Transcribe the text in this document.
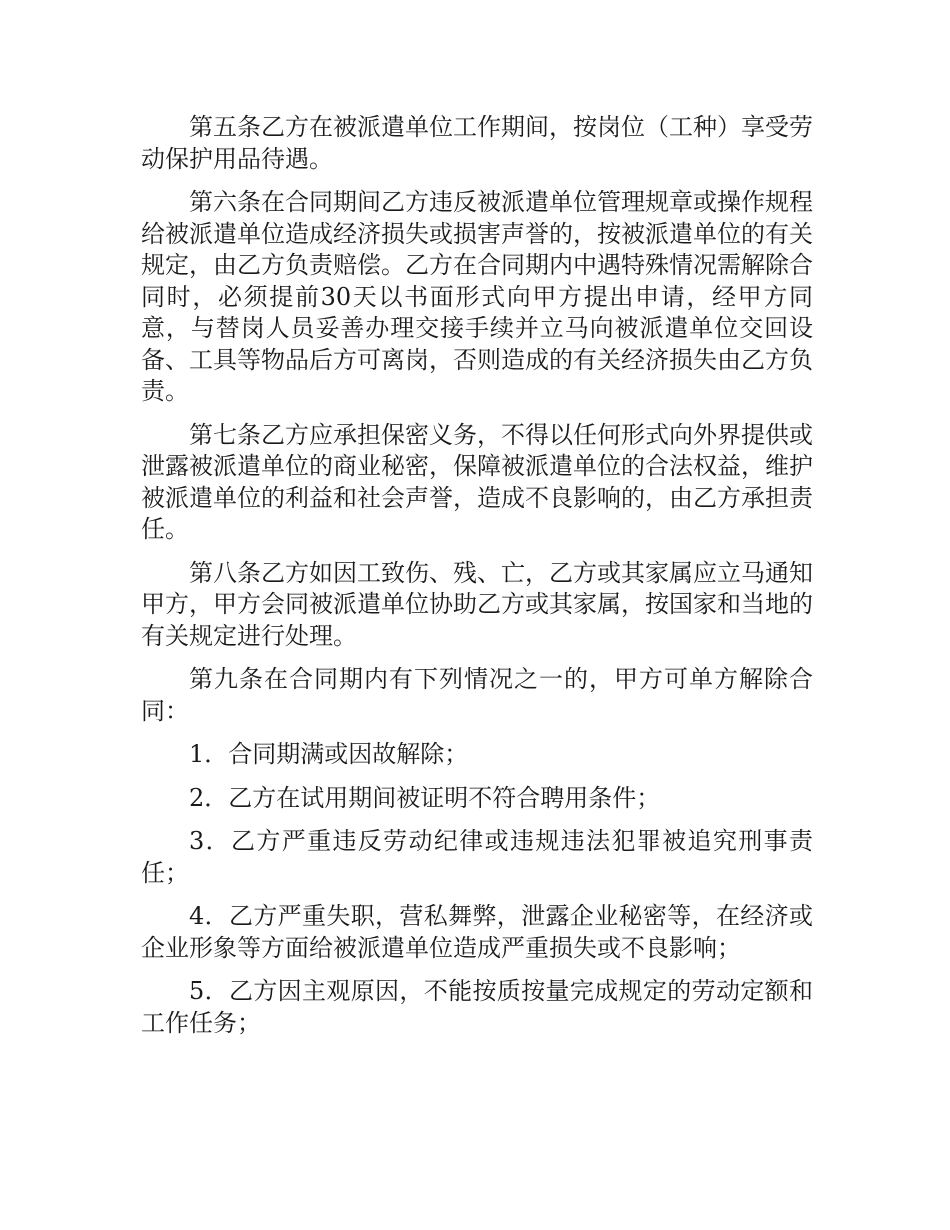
第五条乙方在被派遣单位工作期间，按岗位（工种）享受劳动保护用品待遇。

第六条在合同期间乙方违反被派遣单位管理规章或操作规程给被派遣单位造成经济损失或损害声誉的，按被派遣单位的有关规定，由乙方负责赔偿。乙方在合同期内中遇特殊情况需解除合同时，必须提前30天以书面形式向甲方提出申请，经甲方同意，与替岗人员妥善办理交接手续并立马向被派遣单位交回设备、工具等物品后方可离岗，否则造成的有关经济损失由乙方负责。

第七条乙方应承担保密义务，不得以任何形式向外界提供或泄露被派遣单位的商业秘密，保障被派遣单位的合法权益，维护被派遣单位的利益和社会声誉，造成不良影响的，由乙方承担责任。

第八条乙方如因工致伤、残、亡，乙方或其家属应立马通知甲方，甲方会同被派遣单位协助乙方或其家属，按国家和当地的有关规定进行处理。

第九条在合同期内有下列情况之一的，甲方可单方解除合同：

1．合同期满或因故解除；

2．乙方在试用期间被证明不符合聘用条件；

3．乙方严重违反劳动纪律或违规违法犯罪被追究刑事责任；

4．乙方严重失职，营私舞弊，泄露企业秘密等，在经济或企业形象等方面给被派遣单位造成严重损失或不良影响；

5．乙方因主观原因，不能按质按量完成规定的劳动定额和工作任务；
